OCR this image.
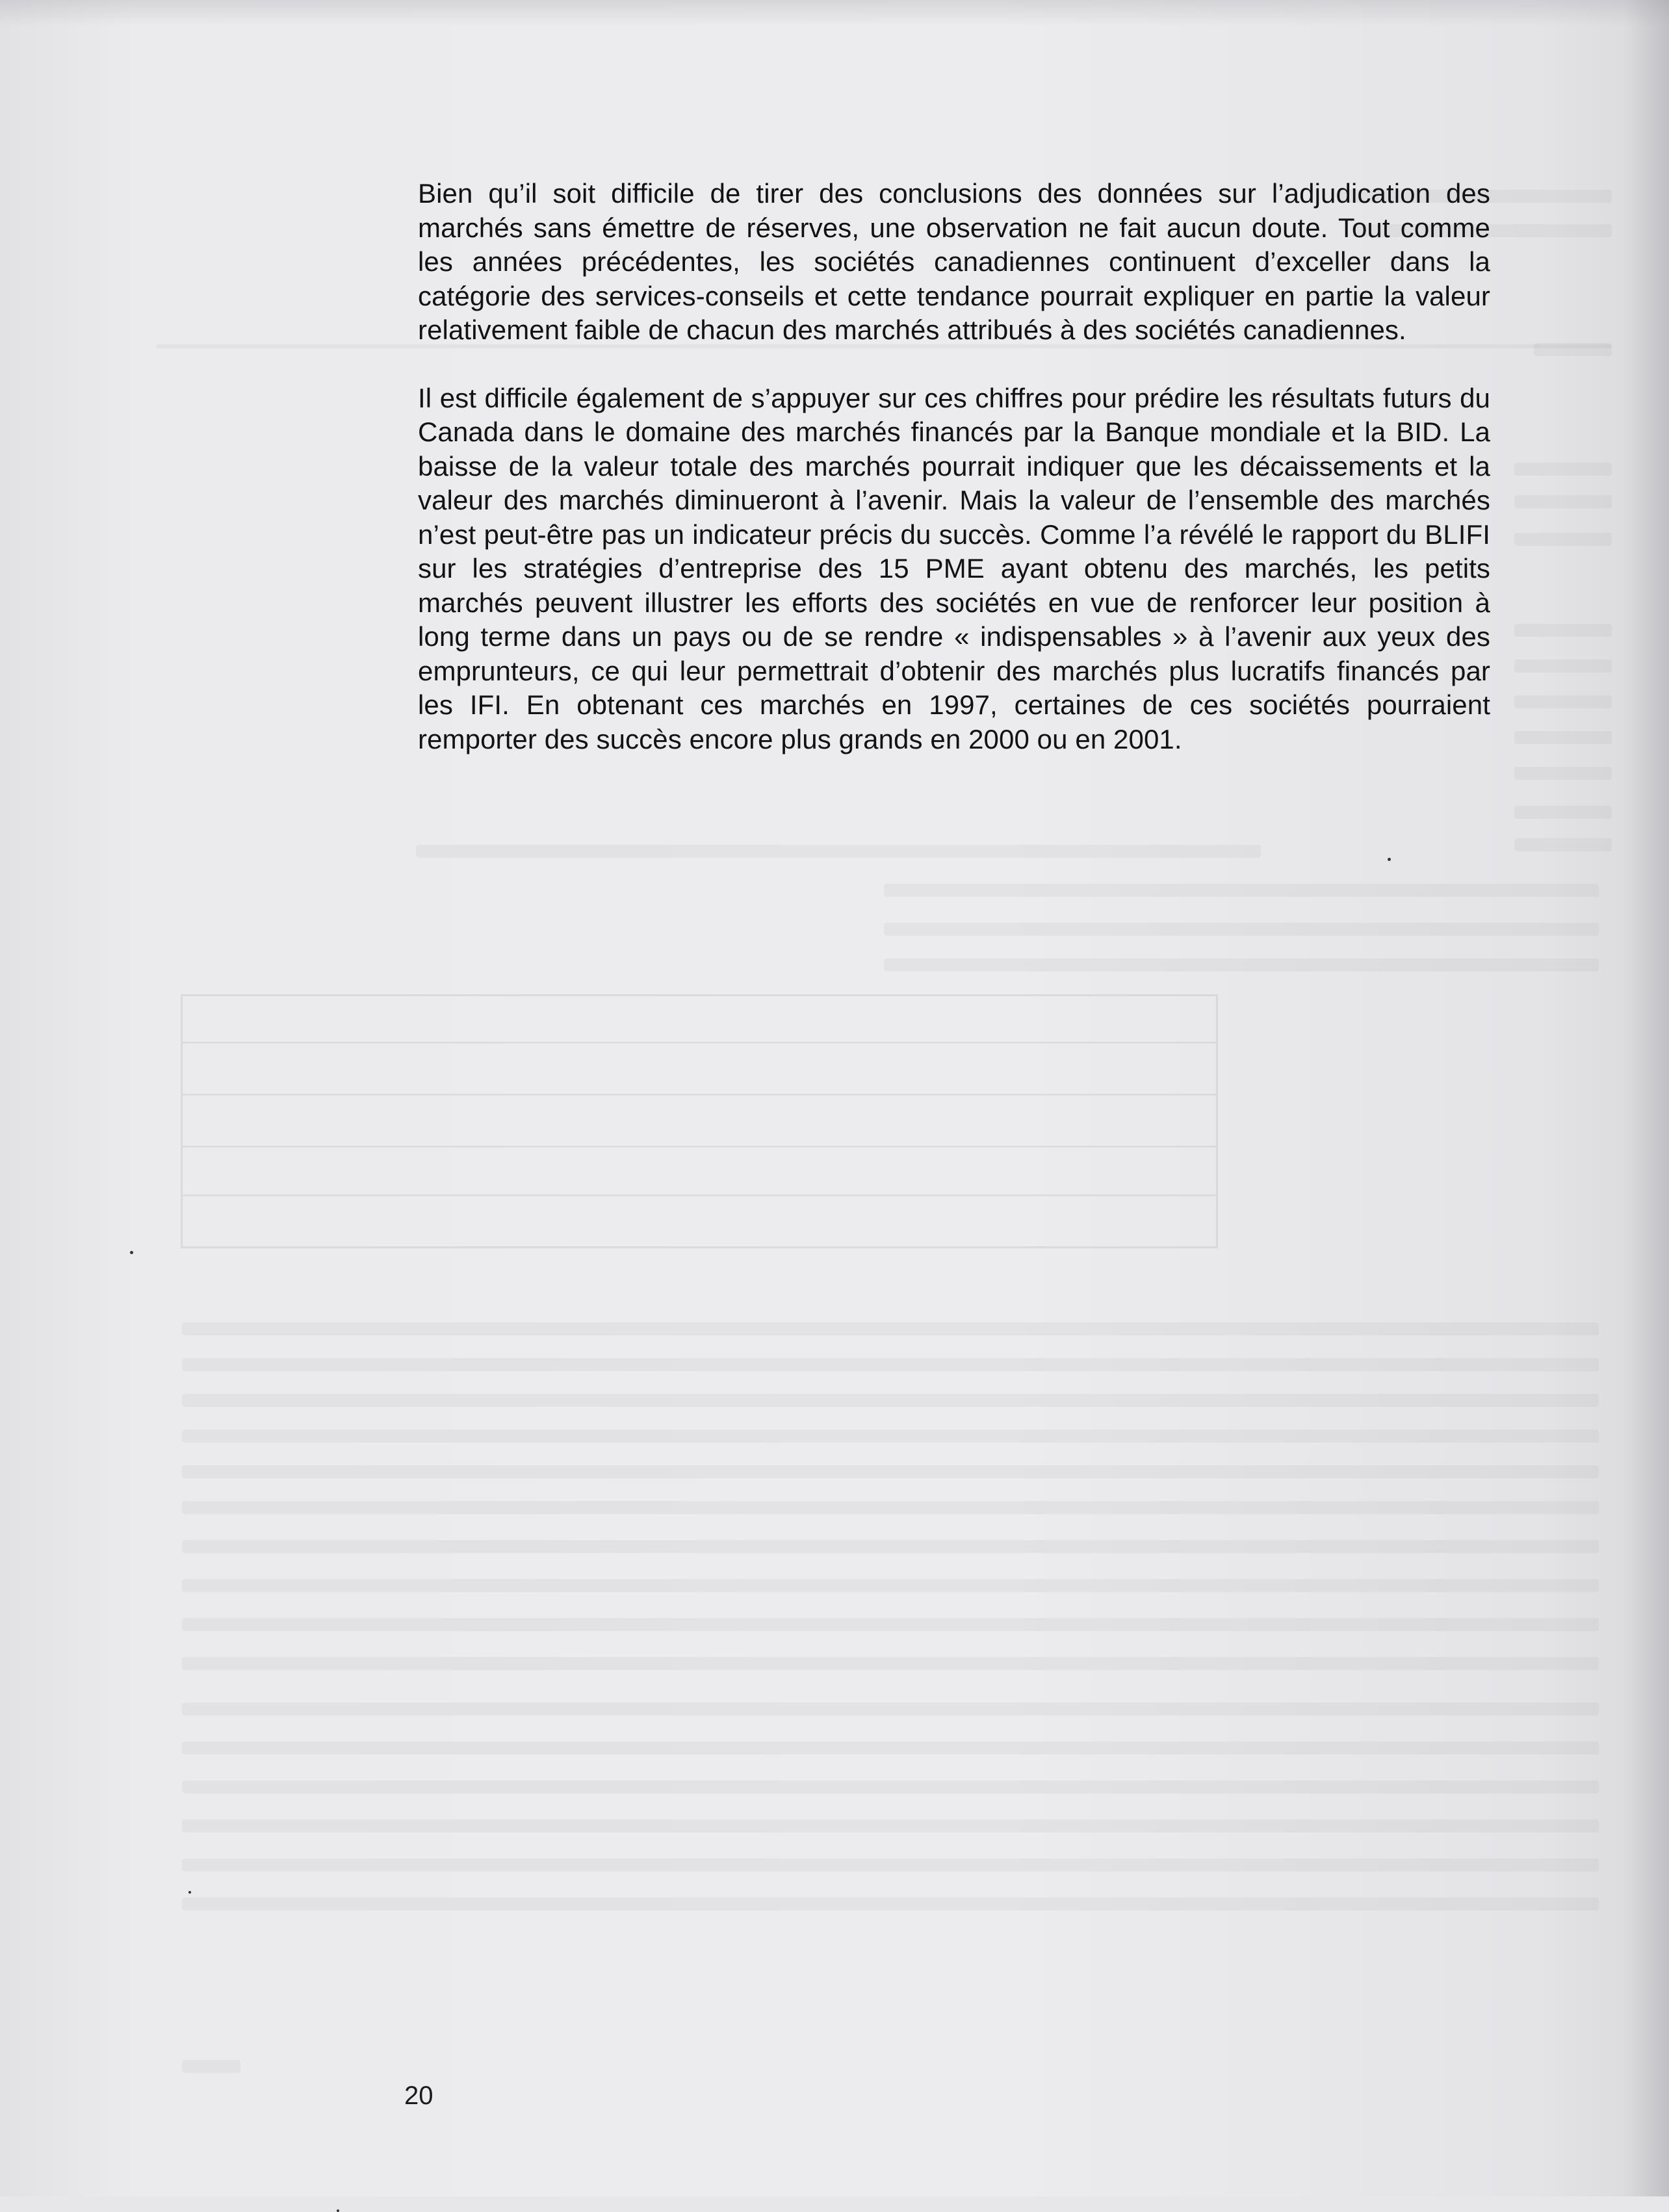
Bien qu’il soit difficile de tirer des conclusions des données sur l’adjudication des marchés sans émettre de réserves, une observation ne fait aucun doute. Tout comme les années précédentes, les sociétés canadiennes continuent d’exceller dans la catégorie des services-conseils et cette tendance pourrait expliquer en partie la valeur relativement faible de chacun des marchés attribués à des sociétés canadiennes.

Il est difficile également de s’appuyer sur ces chiffres pour prédire les résultats futurs du Canada dans le domaine des marchés financés par la Banque mondiale et la BID. La baisse de la valeur totale des marchés pourrait indiquer que les décaissements et la valeur des marchés diminueront à l’avenir. Mais la valeur de l’ensemble des marchés n’est peut-être pas un indicateur précis du succès. Comme l’a révélé le rapport du BLIFI sur les stratégies d’entreprise des 15 PME ayant obtenu des marchés, les petits marchés peuvent illustrer les efforts des sociétés en vue de renforcer leur position à long terme dans un pays ou de se rendre « indispensables » à l’avenir aux yeux des emprunteurs, ce qui leur permettrait d’obtenir des marchés plus lucratifs financés par les IFI. En obtenant ces marchés en 1997, certaines de ces sociétés pourraient remporter des succès encore plus grands en 2000 ou en 2001.

20
